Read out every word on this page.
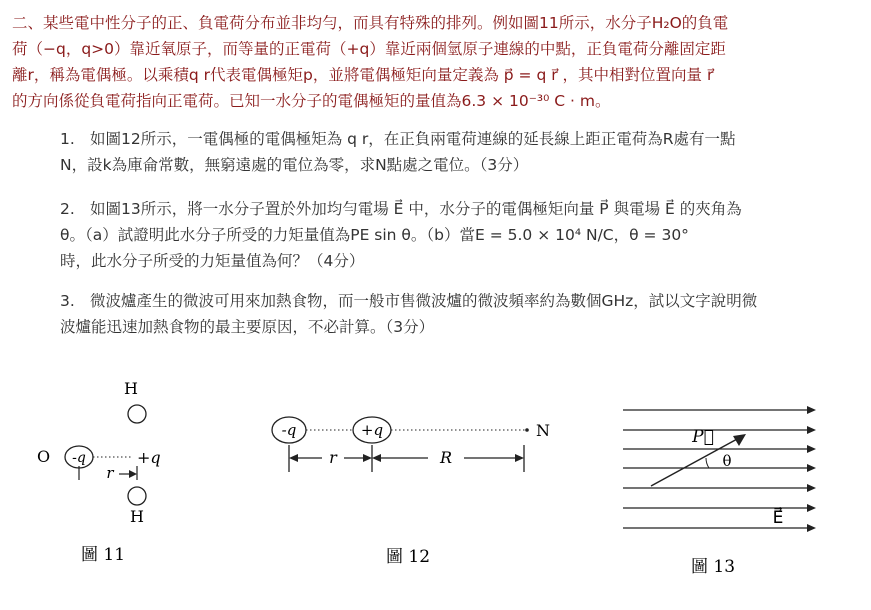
二、某些電中性分子的正、負電荷分布並非均勻，而具有特殊的排列。例如圖11所示，水分子H₂O的負電
荷（−q，q>0）靠近氧原子，而等量的正電荷（+q）靠近兩個氫原子連線的中點，正負電荷分離固定距
離r，稱為電偶極。以乘積q r代表電偶極矩p，並將電偶極矩向量定義為 p⃗ = q r⃗ ，其中相對位置向量 r⃗
的方向係從負電荷指向正電荷。已知一水分子的電偶極矩的量值為6.3 × 10⁻³⁰ C · m。
1. 如圖12所示，一電偶極的電偶極矩為 q r，在正負兩電荷連線的延長線上距正電荷為R處有一點
N，設k為庫侖常數，無窮遠處的電位為零，求N點處之電位。（3分）
2. 如圖13所示，將一水分子置於外加均勻電場 E⃗ 中，水分子的電偶極矩向量 P⃗ 與電場 E⃗ 的夾角為
θ。（a）試證明此水分子所受的力矩量值為PE sin θ。（b）當E = 5.0 × 10⁴ N/C，θ = 30°
時，此水分子所受的力矩量值為何？（4分）
3. 微波爐產生的微波可用來加熱食物，而一般市售微波爐的微波頻率約為數個GHz，試以文字說明微
波爐能迅速加熱食物的最主要原因，不必計算。（3分）
H
O -q	+q
r
H
圖 11
-q	+q	N
r	R
圖 12
P⃗
θ
E⃗
圖 13
